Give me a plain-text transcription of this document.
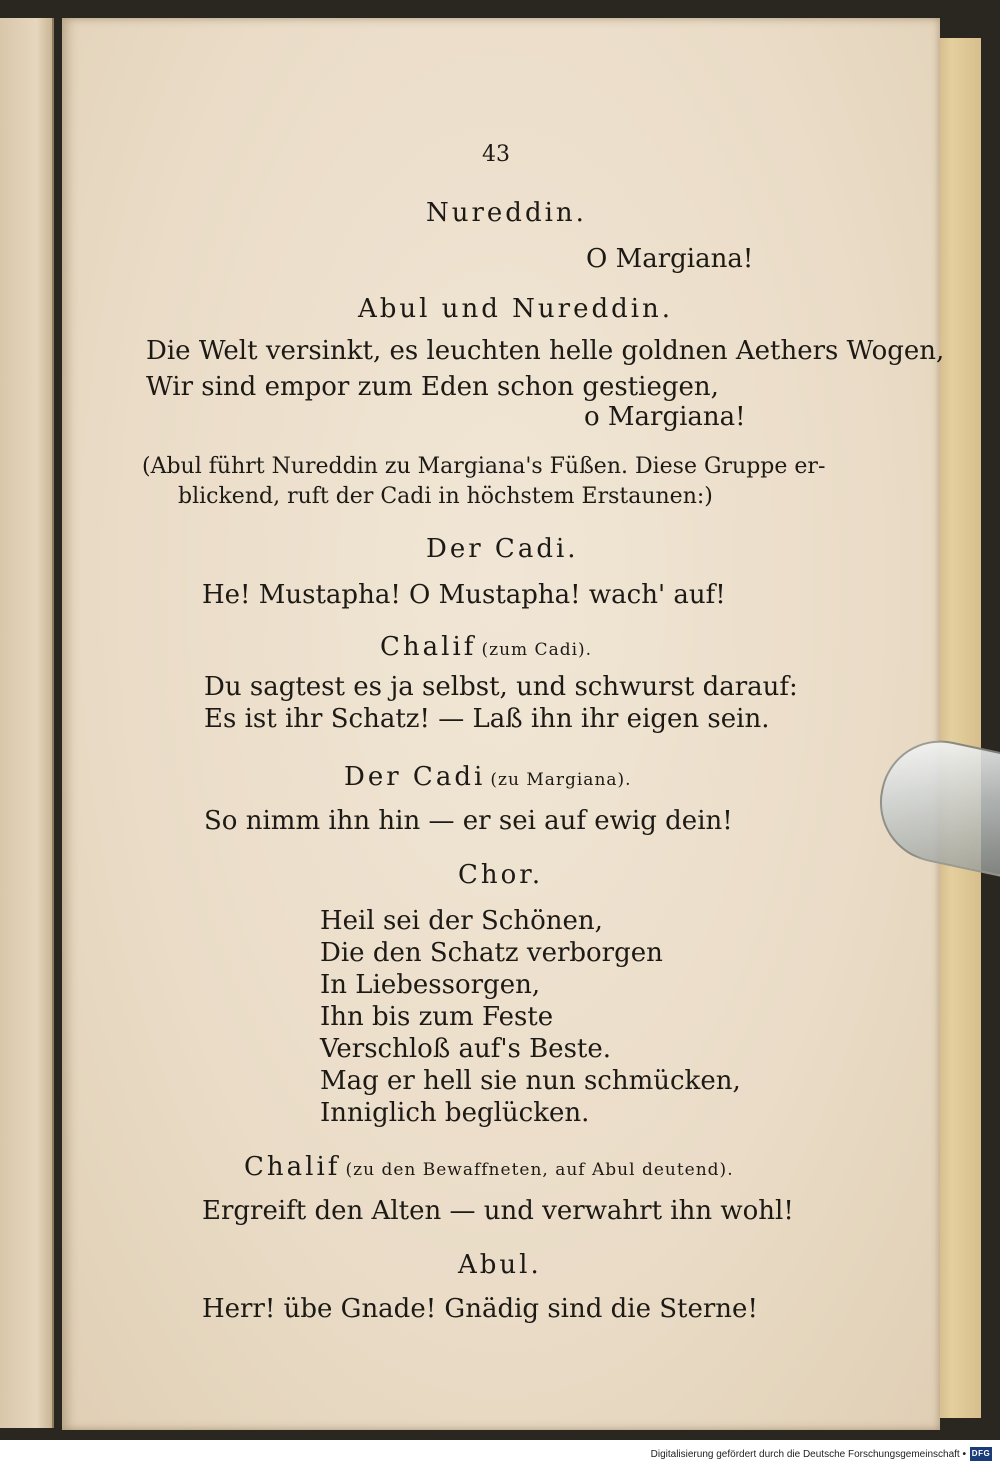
43
Nureddin.
O Margiana!
Abul und Nureddin.
Die Welt versinkt, es leuchten helle goldnen Aethers Wogen,
Wir sind empor zum Eden schon gestiegen,
o Margiana!
(Abul führt Nureddin zu Margiana's Füßen. Diese Gruppe er-
blickend, ruft der Cadi in höchstem Erstaunen:)
Der Cadi.
He! Mustapha! O Mustapha! wach' auf!
Chalif (zum Cadi).
Du sagtest es ja selbst, und schwurst darauf:
Es ist ihr Schatz! — Laß ihn ihr eigen sein.
Der Cadi (zu Margiana).
So nimm ihn hin — er sei auf ewig dein!
Chor.
Heil sei der Schönen,
Die den Schatz verborgen
In Liebessorgen,
Ihn bis zum Feste
Verschloß auf's Beste.
Mag er hell sie nun schmücken,
Inniglich beglücken.
Chalif (zu den Bewaffneten, auf Abul deutend).
Ergreift den Alten — und verwahrt ihn wohl!
Abul.
Herr! übe Gnade! Gnädig sind die Sterne!
Digitalisierung gefördert durch die Deutsche Forschungsgemeinschaft • DFG
